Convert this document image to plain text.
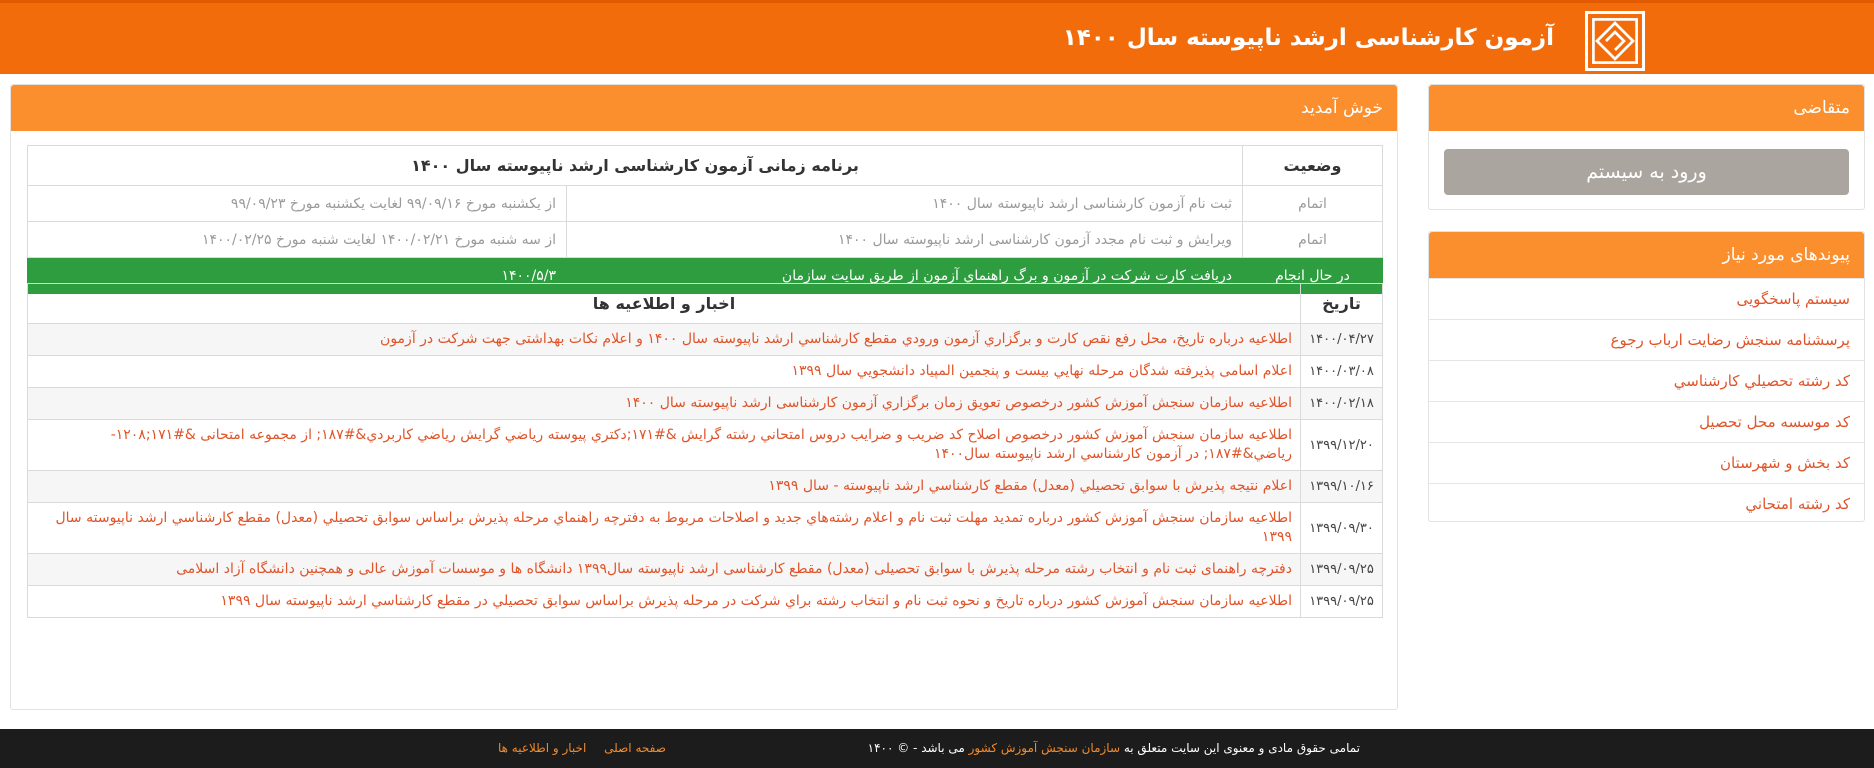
آزمون کارشناسی ارشد ناپیوسته سال ۱۴۰۰
متقاضی
ورود به سیستم
پیوندهای مورد نیاز
سیستم پاسخگویی
پرسشنامه سنجش رضایت ارباب رجوع
كد رشته تحصيلي كارشناسي
كد موسسه محل تحصيل
كد بخش و شهرستان
كد رشته امتحاني
خوش آمدید
وضعیت	برنامه زمانی آزمون کارشناسی ارشد ناپیوسته سال ۱۴۰۰	
اتمام	ثبت نام آزمون كارشناسی ارشد ناپیوسته سال ۱۴۰۰	از يكشنبه مورخ ۹۹/۰۹/۱۶ لغايت يكشنبه مورخ ۹۹/۰۹/۲۳
اتمام	ويرايش و ثبت نام مجدد آزمون كارشناسی ارشد ناپيوسته سال ۱۴۰۰	از سه شنبه مورخ ۱۴۰۰/۰۲/۲۱ لغایت شنبه مورخ ۱۴۰۰/۰۲/۲۵
در حال انجام	دریافت كارت شركت در آزمون و برگ راهنماي آزمون از طريق سایت سازمان	۱۴۰۰/۵/۳
تاریخ	اخبار و اطلاعیه ها
۱۴۰۰/۰۴/۲۷	اطلاعیه درباره تاریخ، محل رفع نقص کارت و برگزاري آزمون ورودي مقطع كارشناسي ارشد ناپيوسته سال ۱۴۰۰ و اعلام نكات بهداشتی جهت شركت در آزمون
۱۴۰۰/۰۳/۰۸	اعلام اسامی پذیرفته شدگان مرحله نهايي بيست و پنجمين المپياد دانشجويي سال ۱۳۹۹
۱۴۰۰/۰۲/۱۸	اطلاعیه سازمان سنجش آموزش کشور درخصوص تعويق زمان برگزاري آزمون كارشناسی ارشد ناپیوسته سال ۱۴۰۰
۱۳۹۹/۱۲/۲۰	اطلاعیه سازمان سنجش آموزش كشور درخصوص اصلاح كد ضريب و ضرايب دروس امتحاني رشته گرايش &#۱۷۱;دكتري پيوسته رياضي گرايش رياضي كاربردي&#۱۸۷; از مجموعه امتحانی &#۱۷۱;۱۲۰۸-رياضي&#۱۸۷; در آزمون كارشناسي ارشد ناپيوسته سال۱۴۰۰
۱۳۹۹/۱۰/۱۶	اعلام نتيجه پذيرش با سوابق تحصيلي (معدل) مقطع كارشناسي ارشد ناپيوسته - سال ۱۳۹۹
۱۳۹۹/۰۹/۳۰	اطلاعیه سازمان سنجش آموزش کشور درباره تمديد مهلت ثبت نام و اعلام رشته‌هاي جديد و اصلاحات مربوط به دفترچه راهنماي مرحله پذيرش براساس سوابق تحصيلي (معدل) مقطع كارشناسي ارشد ناپيوسته سال ۱۳۹۹
۱۳۹۹/۰۹/۲۵	دفترچه راهنمای ثبت نام و انتخاب رشته مرحله پذیرش با سوابق تحصیلی (معدل) مقطع كارشناسی ارشد ناپیوسته سال۱۳۹۹ دانشگاه ها و موسسات آموزش عالی و همچنین دانشگاه آزاد اسلامی
۱۳۹۹/۰۹/۲۵	اطلاعیه سازمان سنجش آموزش کشور درباره تاريخ و نحوه ثبت نام و انتخاب رشته براي شركت در مرحله پذيرش براساس سوابق تحصيلي در مقطع كارشناسي ارشد ناپيوسته سال ۱۳۹۹
تمامی حقوق مادی و معنوی این سایت متعلق به سازمان سنجش آموزش کشور می باشد - © ۱۴۰۰
صفحه اصلی اخبار و اطلاعیه ها
